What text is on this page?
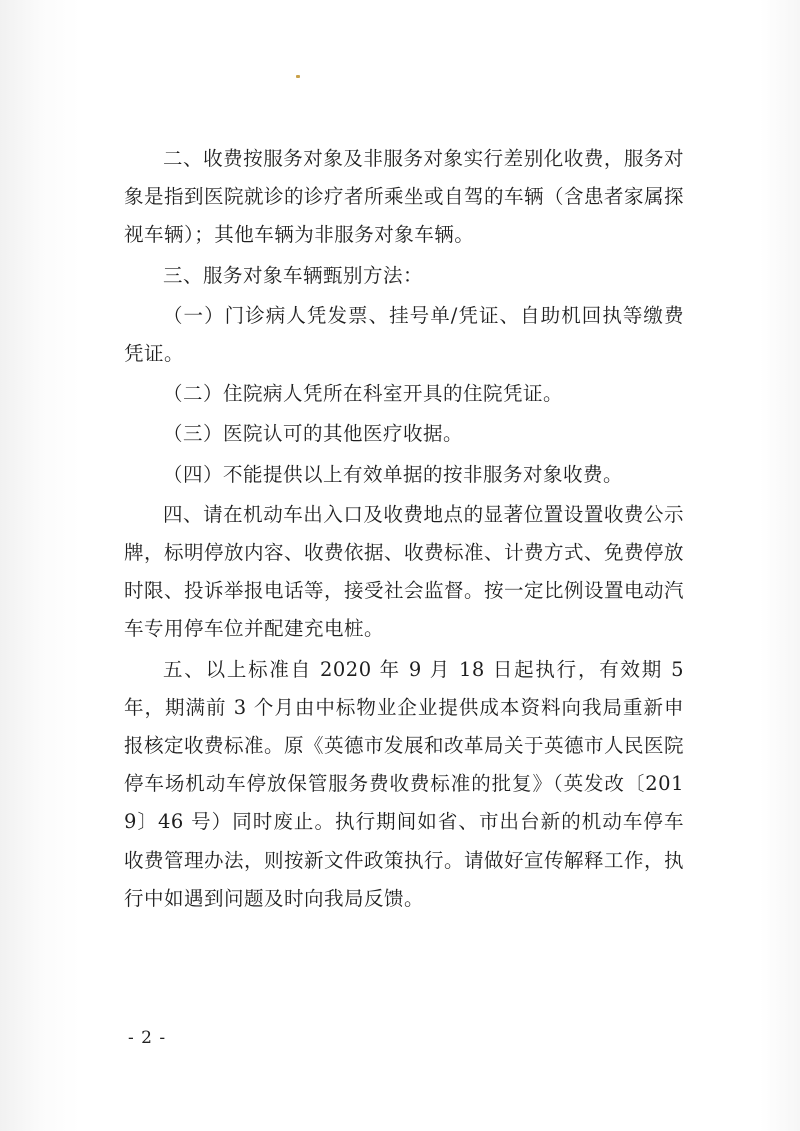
二、收费按服务对象及非服务对象实行差别化收费，服务对象是指到医院就诊的诊疗者所乘坐或自驾的车辆（含患者家属探视车辆）；其他车辆为非服务对象车辆。

三、服务对象车辆甄别方法：

（一）门诊病人凭发票、挂号单/凭证、自助机回执等缴费凭证。

（二）住院病人凭所在科室开具的住院凭证。

（三）医院认可的其他医疗收据。

（四）不能提供以上有效单据的按非服务对象收费。

四、请在机动车出入口及收费地点的显著位置设置收费公示牌，标明停放内容、收费依据、收费标准、计费方式、免费停放时限、投诉举报电话等，接受社会监督。按一定比例设置电动汽车专用停车位并配建充电桩。

五、以上标准自 2020 年 9 月 18 日起执行，有效期 5 年，期满前 3 个月由中标物业企业提供成本资料向我局重新申报核定收费标准。原《英德市发展和改革局关于英德市人民医院停车场机动车停放保管服务费收费标准的批复》（英发改〔2019〕46 号）同时废止。执行期间如省、市出台新的机动车停车收费管理办法，则按新文件政策执行。请做好宣传解释工作，执行中如遇到问题及时向我局反馈。

- 2 -
